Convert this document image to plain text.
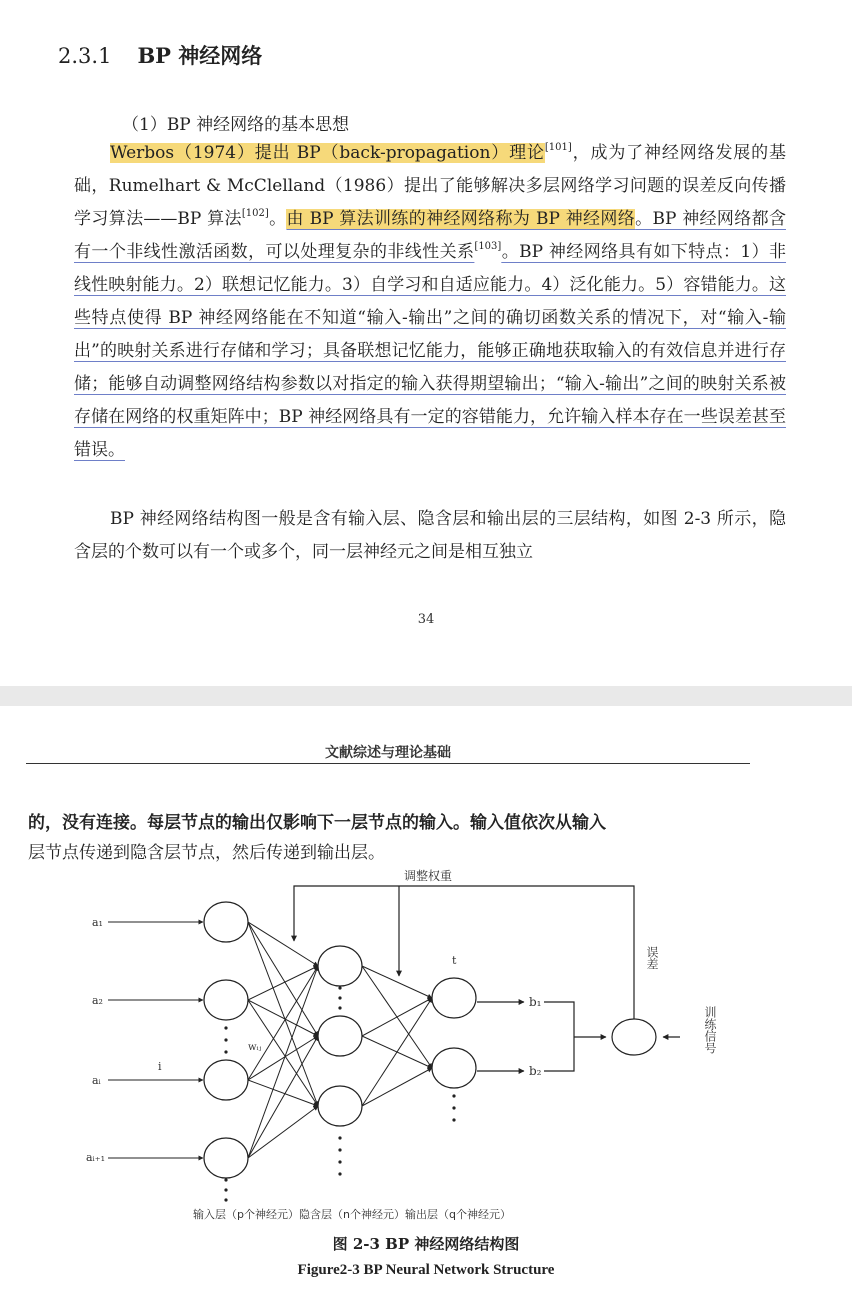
2.3.1 BP 神经网络
（1）BP 神经网络的基本思想
Werbos（1974）提出 BP（back-propagation）理论[101]，成为了神经网络发展的基础，Rumelhart & McClelland（1986）提出了能够解决多层网络学习问题的误差反向传播学习算法——BP 算法[102]。由 BP 算法训练的神经网络称为 BP 神经网络。BP 神经网络都含有一个非线性激活函数，可以处理复杂的非线性关系[103]。BP 神经网络具有如下特点：1）非线性映射能力。2）联想记忆能力。3）自学习和自适应能力。4）泛化能力。5）容错能力。这些特点使得 BP 神经网络能在不知道“输入-输出”之间的确切函数关系的情况下，对“输入-输出”的映射关系进行存储和学习；具备联想记忆能力，能够正确地获取输入的有效信息并进行存储；能够自动调整网络结构参数以对指定的输入获得期望输出；“输入-输出”之间的映射关系被存储在网络的权重矩阵中；BP 神经网络具有一定的容错能力，允许输入样本存在一些误差甚至错误。
BP 神经网络结构图一般是含有输入层、隐含层和输出层的三层结构，如图 2-3 所示，隐含层的个数可以有一个或多个，同一层神经元之间是相互独立
34
文献综述与理论基础
的，没有连接。每层节点的输出仅影响下一层节点的输入。输入值依次从输入
层节点传递到隐含层节点，然后传递到输出层。
调整权重
误差
b₁
b₂
训练信号
a₁
a₂
aᵢ
aᵢ₊₁
i
wᵢⱼ
t
输入层（p个神经元）隐含层（n个神经元）输出层（q个神经元）
图 2-3 BP 神经网络结构图
Figure2-3 BP Neural Network Structure
